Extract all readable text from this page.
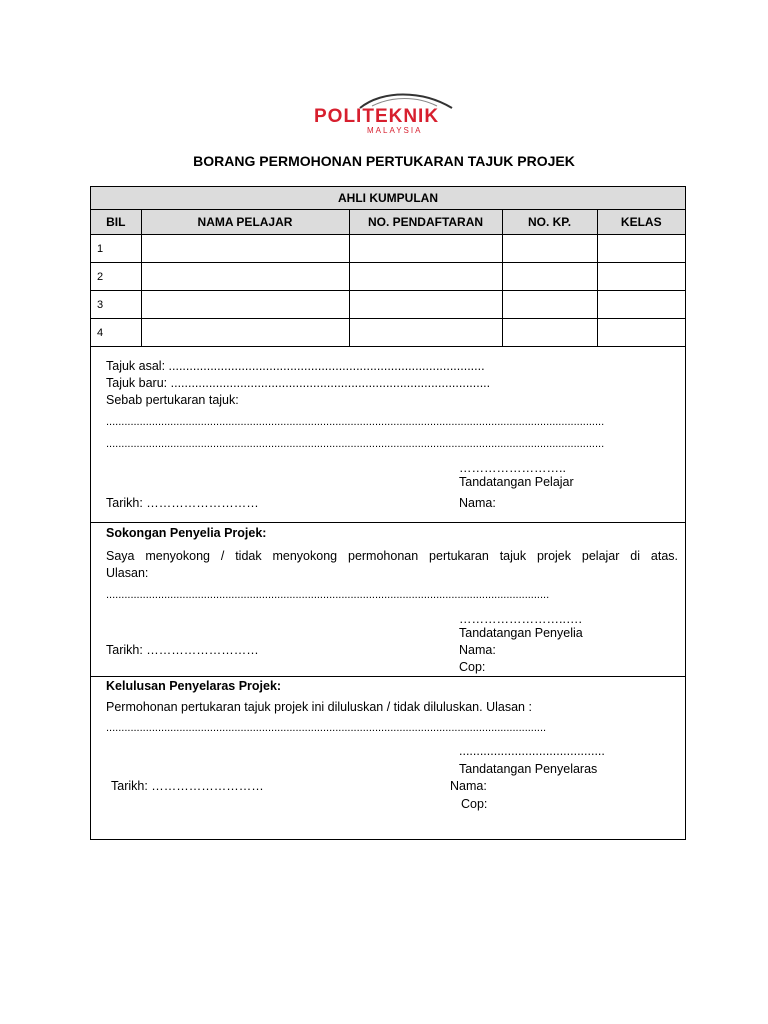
POLITEKNIK
MALAYSIA
BORANG PERMOHONAN PERTUKARAN TAJUK PROJEK
AHLI KUMPULAN				
BIL	NAMA PELAJAR	NO. PENDAFTARAN	NO. KP.	KELAS
1				
2				
3				
4				
Tajuk asal: ...........................................................................................
Tajuk baru: ............................................................................................
Sebab pertukaran tajuk:
...................................................................................................................................................................
...................................................................................................................................................................
……………………..
Tandatangan Pelajar
Tarikh: ………………………	Nama:
Sokongan Penyelia Projek:
Saya menyokong / tidak menyokong permohonan pertukaran tajuk projek pelajar di atas.
Ulasan:
.................................................................................................................................................
……………………..….
Tandatangan Penyelia
Tarikh: ………………………	Nama:
Cop:
Kelulusan Penyelaras Projek:
Permohonan pertukaran tajuk projek ini diluluskan / tidak diluluskan. Ulasan :
................................................................................................................................................
..........................................
Tandatangan Penyelaras
Tarikh: ………………………	Nama:
Cop:
